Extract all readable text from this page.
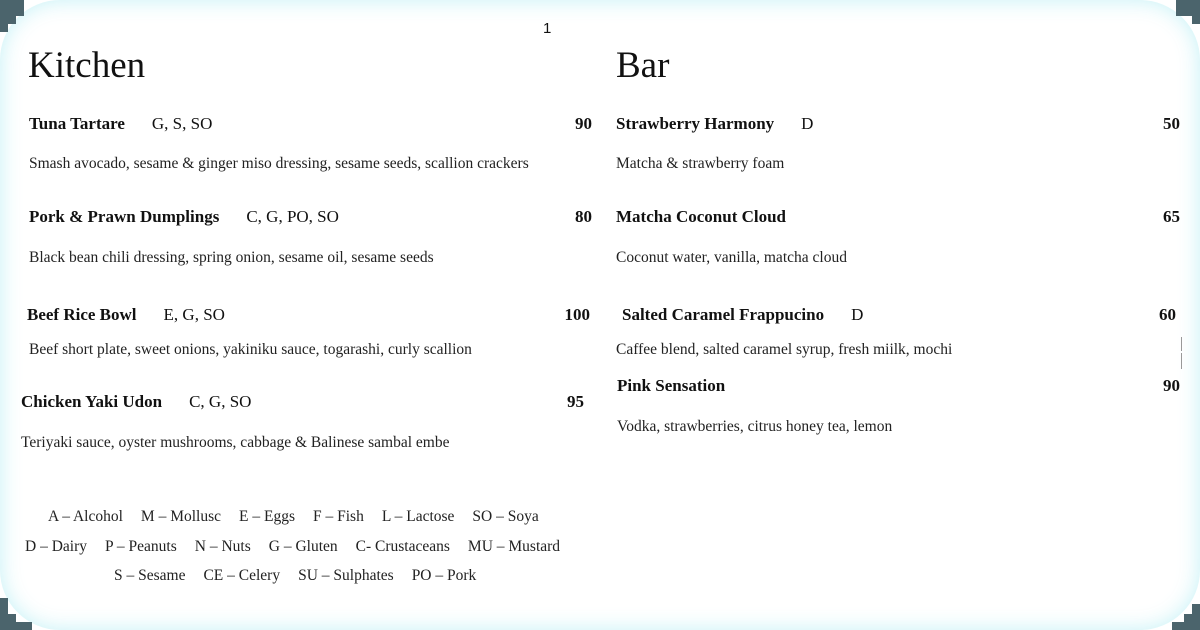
1
Kitchen
Tuna Tartare G, S, SO	90
Smash avocado, sesame & ginger miso dressing, sesame seeds, scallion crackers
Pork & Prawn Dumplings C, G, PO, SO	80
Black bean chili dressing, spring onion, sesame oil, sesame seeds
Beef Rice Bowl E, G, SO	100
Beef short plate, sweet onions, yakiniku sauce, togarashi, curly scallion
Chicken Yaki Udon C, G, SO	95
Teriyaki sauce, oyster mushrooms, cabbage & Balinese sambal embe
A – Alcohol M – Mollusc E – Eggs F – Fish L – Lactose SO – Soya
D – Dairy P – Peanuts N – Nuts G – Gluten C- Crustaceans MU – Mustard
S – Sesame CE – Celery SU – Sulphates PO – Pork
Bar
Strawberry Harmony D	50
Matcha & strawberry foam
Matcha Coconut Cloud	65
Coconut water, vanilla, matcha cloud
Salted Caramel Frappucino D	60
Caffee blend, salted caramel syrup, fresh miilk, mochi
Pink Sensation	90
Vodka, strawberries, citrus honey tea, lemon
